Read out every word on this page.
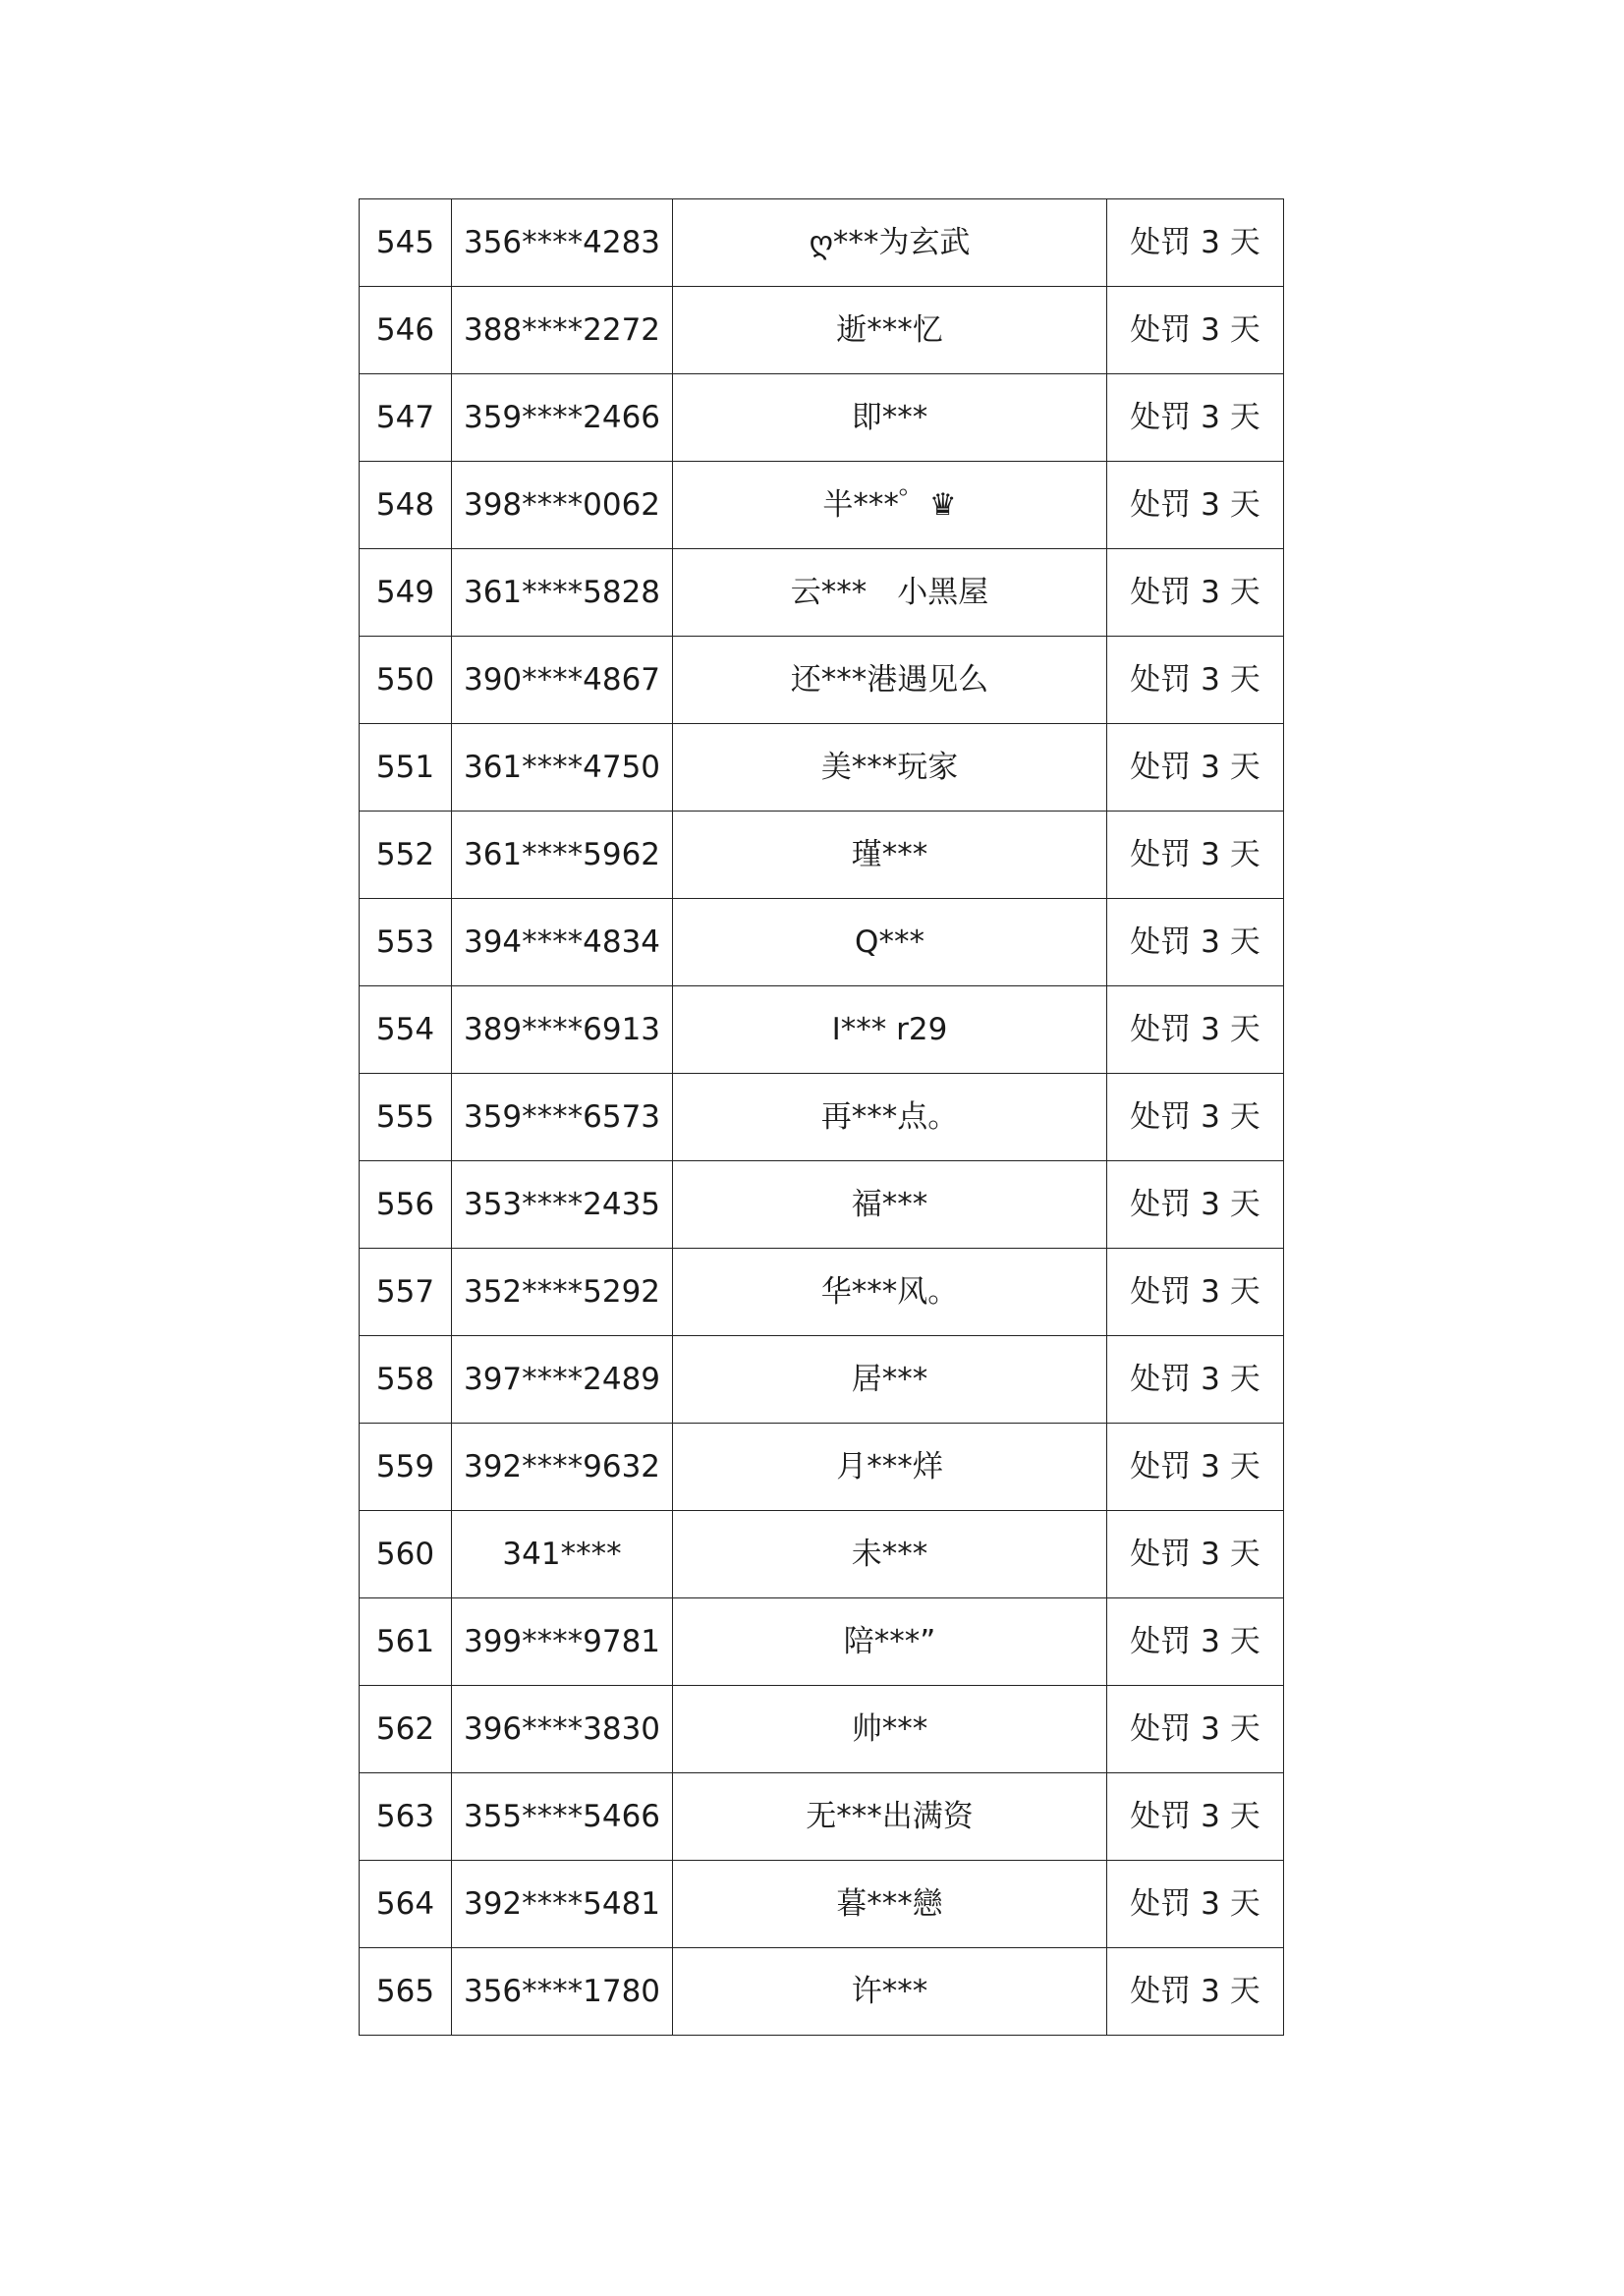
545	356****4283	ღ***为玄武	处罚 3 天
546	388****2272	逝***忆	处罚 3 天
547	359****2466	即***	处罚 3 天
548	398****0062	半***゜♛	处罚 3 天
549	361****5828	云***　小黑屋	处罚 3 天
550	390****4867	还***港遇见么	处罚 3 天
551	361****4750	美***玩家	处罚 3 天
552	361****5962	瑾***	处罚 3 天
553	394****4834	Q***	处罚 3 天
554	389****6913	I*** r29	处罚 3 天
555	359****6573	再***点。	处罚 3 天
556	353****2435	福***	处罚 3 天
557	352****5292	华***风。	处罚 3 天
558	397****2489	居***	处罚 3 天
559	392****9632	月***烊	处罚 3 天
560	341****	未***	处罚 3 天
561	399****9781	陪***”	处罚 3 天
562	396****3830	帅***	处罚 3 天
563	355****5466	无***出满资	处罚 3 天
564	392****5481	暮***戀	处罚 3 天
565	356****1780	许***	处罚 3 天
